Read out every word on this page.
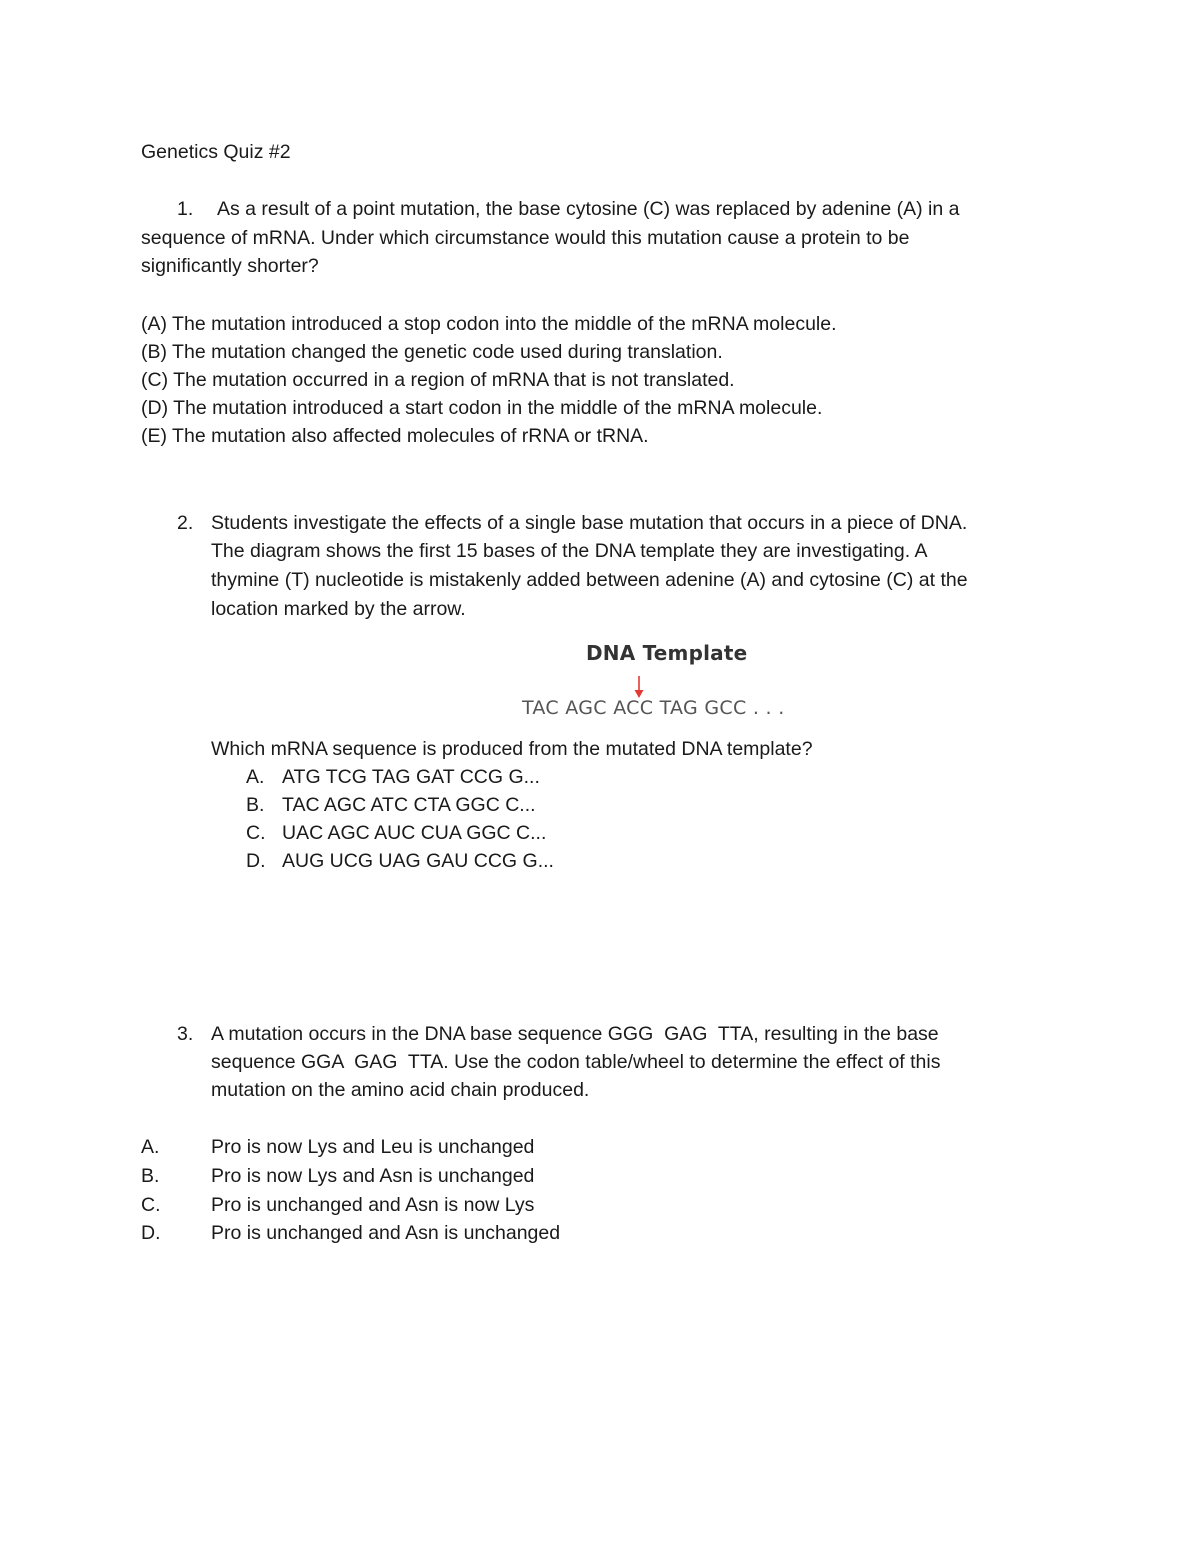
Genetics Quiz #2
1. As a result of a point mutation, the base cytosine (C) was replaced by adenine (A) in a
sequence of mRNA. Under which circumstance would this mutation cause a protein to be
significantly shorter?
(A) The mutation introduced a stop codon into the middle of the mRNA molecule.
(B) The mutation changed the genetic code used during translation.
(C) The mutation occurred in a region of mRNA that is not translated.
(D) The mutation introduced a start codon in the middle of the mRNA molecule.
(E) The mutation also affected molecules of rRNA or tRNA.
2. Students investigate the effects of a single base mutation that occurs in a piece of DNA.
The diagram shows the first 15 bases of the DNA template they are investigating. A
thymine (T) nucleotide is mistakenly added between adenine (A) and cytosine (C) at the
location marked by the arrow.
DNA Template
TAC AGC ACC TAG GCC . . .
Which mRNA sequence is produced from the mutated DNA template?
A. ATG TCG TAG GAT CCG G...
B. TAC AGC ATC CTA GGC C...
C. UAC AGC AUC CUA GGC C...
D. AUG UCG UAG GAU CCG G...
3. A mutation occurs in the DNA base sequence GGG  GAG  TTA, resulting in the base
sequence GGA  GAG  TTA. Use the codon table/wheel to determine the effect of this
mutation on the amino acid chain produced.
A.	Pro is now Lys and Leu is unchanged
B.	Pro is now Lys and Asn is unchanged
C.	Pro is unchanged and Asn is now Lys
D.	Pro is unchanged and Asn is unchanged
